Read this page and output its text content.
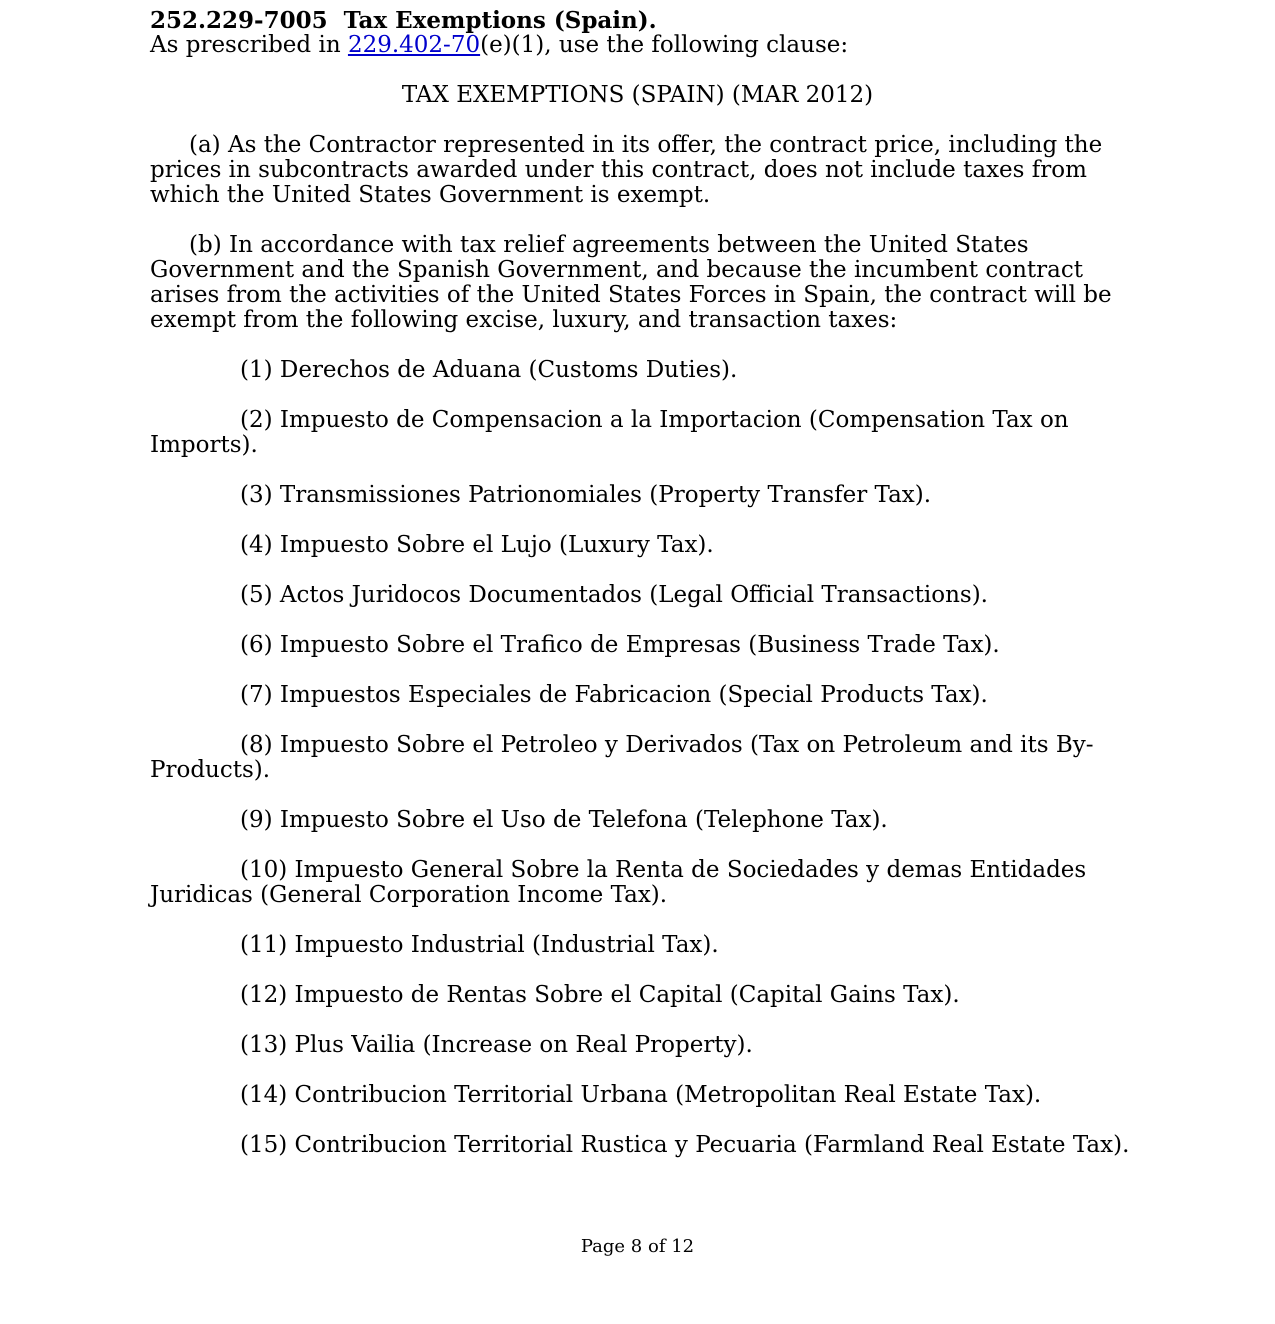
252.229-7005 Tax Exemptions (Spain).
As prescribed in 229.402-70(e)(1), use the following clause:
TAX EXEMPTIONS (SPAIN) (MAR 2012)
(a) As the Contractor represented in its offer, the contract price, including the prices in subcontracts awarded under this contract, does not include taxes from which the United States Government is exempt.
(b) In accordance with tax relief agreements between the United States Government and the Spanish Government, and because the incumbent contract arises from the activities of the United States Forces in Spain, the contract will be exempt from the following excise, luxury, and transaction taxes:
(1) Derechos de Aduana (Customs Duties).
(2) Impuesto de Compensacion a la Importacion (Compensation Tax on Imports).
(3) Transmissiones Patrionomiales (Property Transfer Tax).
(4) Impuesto Sobre el Lujo (Luxury Tax).
(5) Actos Juridocos Documentados (Legal Official Transactions).
(6) Impuesto Sobre el Trafico de Empresas (Business Trade Tax).
(7) Impuestos Especiales de Fabricacion (Special Products Tax).
(8) Impuesto Sobre el Petroleo y Derivados (Tax on Petroleum and its By-Products).
(9) Impuesto Sobre el Uso de Telefona (Telephone Tax).
(10) Impuesto General Sobre la Renta de Sociedades y demas Entidades Juridicas (General Corporation Income Tax).
(11) Impuesto Industrial (Industrial Tax).
(12) Impuesto de Rentas Sobre el Capital (Capital Gains Tax).
(13) Plus Vailia (Increase on Real Property).
(14) Contribucion Territorial Urbana (Metropolitan Real Estate Tax).
(15) Contribucion Territorial Rustica y Pecuaria (Farmland Real Estate Tax).
Page 8 of 12
